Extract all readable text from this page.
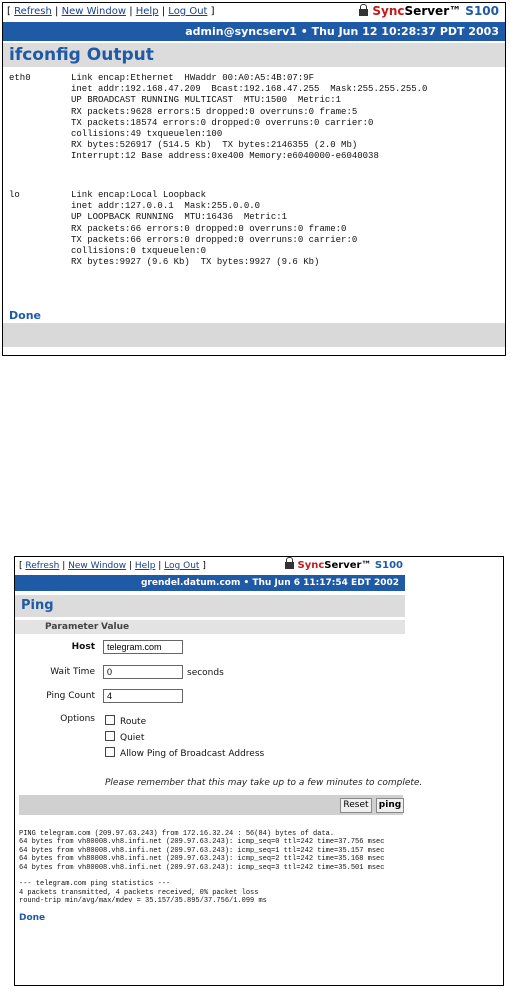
[ Refresh | New Window | Help | Log Out ]	SyncServer™ S100
admin@syncserv1 • Thu Jun 12 10:28:37 PDT 2003
ifconfig Output
eth0	Link encap:Ethernet  HWaddr 00:A0:A5:4B:07:9F
inet addr:192.168.47.209  Bcast:192.168.47.255  Mask:255.255.255.0
UP BROADCAST RUNNING MULTICAST  MTU:1500  Metric:1
RX packets:9628 errors:5 dropped:0 overruns:0 frame:5
TX packets:18574 errors:0 dropped:0 overruns:0 carrier:0
collisions:49 txqueuelen:100
RX bytes:526917 (514.5 Kb)  TX bytes:2146355 (2.0 Mb)
Interrupt:12 Base address:0xe400 Memory:e6040000-e6040038
lo	Link encap:Local Loopback
inet addr:127.0.0.1  Mask:255.0.0.0
UP LOOPBACK RUNNING  MTU:16436  Metric:1
RX packets:66 errors:0 dropped:0 overruns:0 frame:0
TX packets:66 errors:0 dropped:0 overruns:0 carrier:0
collisions:0 txqueuelen:0
RX bytes:9927 (9.6 Kb)  TX bytes:9927 (9.6 Kb)
Done
[ Refresh | New Window | Help | Log Out ]	SyncServer™ S100
grendel.datum.com • Thu Jun 6 11:17:54 EDT 2002
Ping
Parameter Value
Host
telegram.com
Wait Time
0	seconds
Ping Count
4
Options	Route
Quiet
Allow Ping of Broadcast Address
Please remember that this may take up to a few minutes to complete.
Reset	ping
PING telegram.com (209.97.63.243) from 172.16.32.24 : 56(84) bytes of data.
64 bytes from vh80008.vh8.infi.net (209.97.63.243): icmp_seq=0 ttl=242 time=37.756 msec
64 bytes from vh80008.vh8.infi.net (209.97.63.243): icmp_seq=1 ttl=242 time=35.157 msec
64 bytes from vh80008.vh8.infi.net (209.97.63.243): icmp_seq=2 ttl=242 time=35.168 msec
64 bytes from vh80008.vh8.infi.net (209.97.63.243): icmp_seq=3 ttl=242 time=35.501 msec

--- telegram.com ping statistics ---
4 packets transmitted, 4 packets received, 0% packet loss
round-trip min/avg/max/mdev = 35.157/35.895/37.756/1.099 ms
Done
